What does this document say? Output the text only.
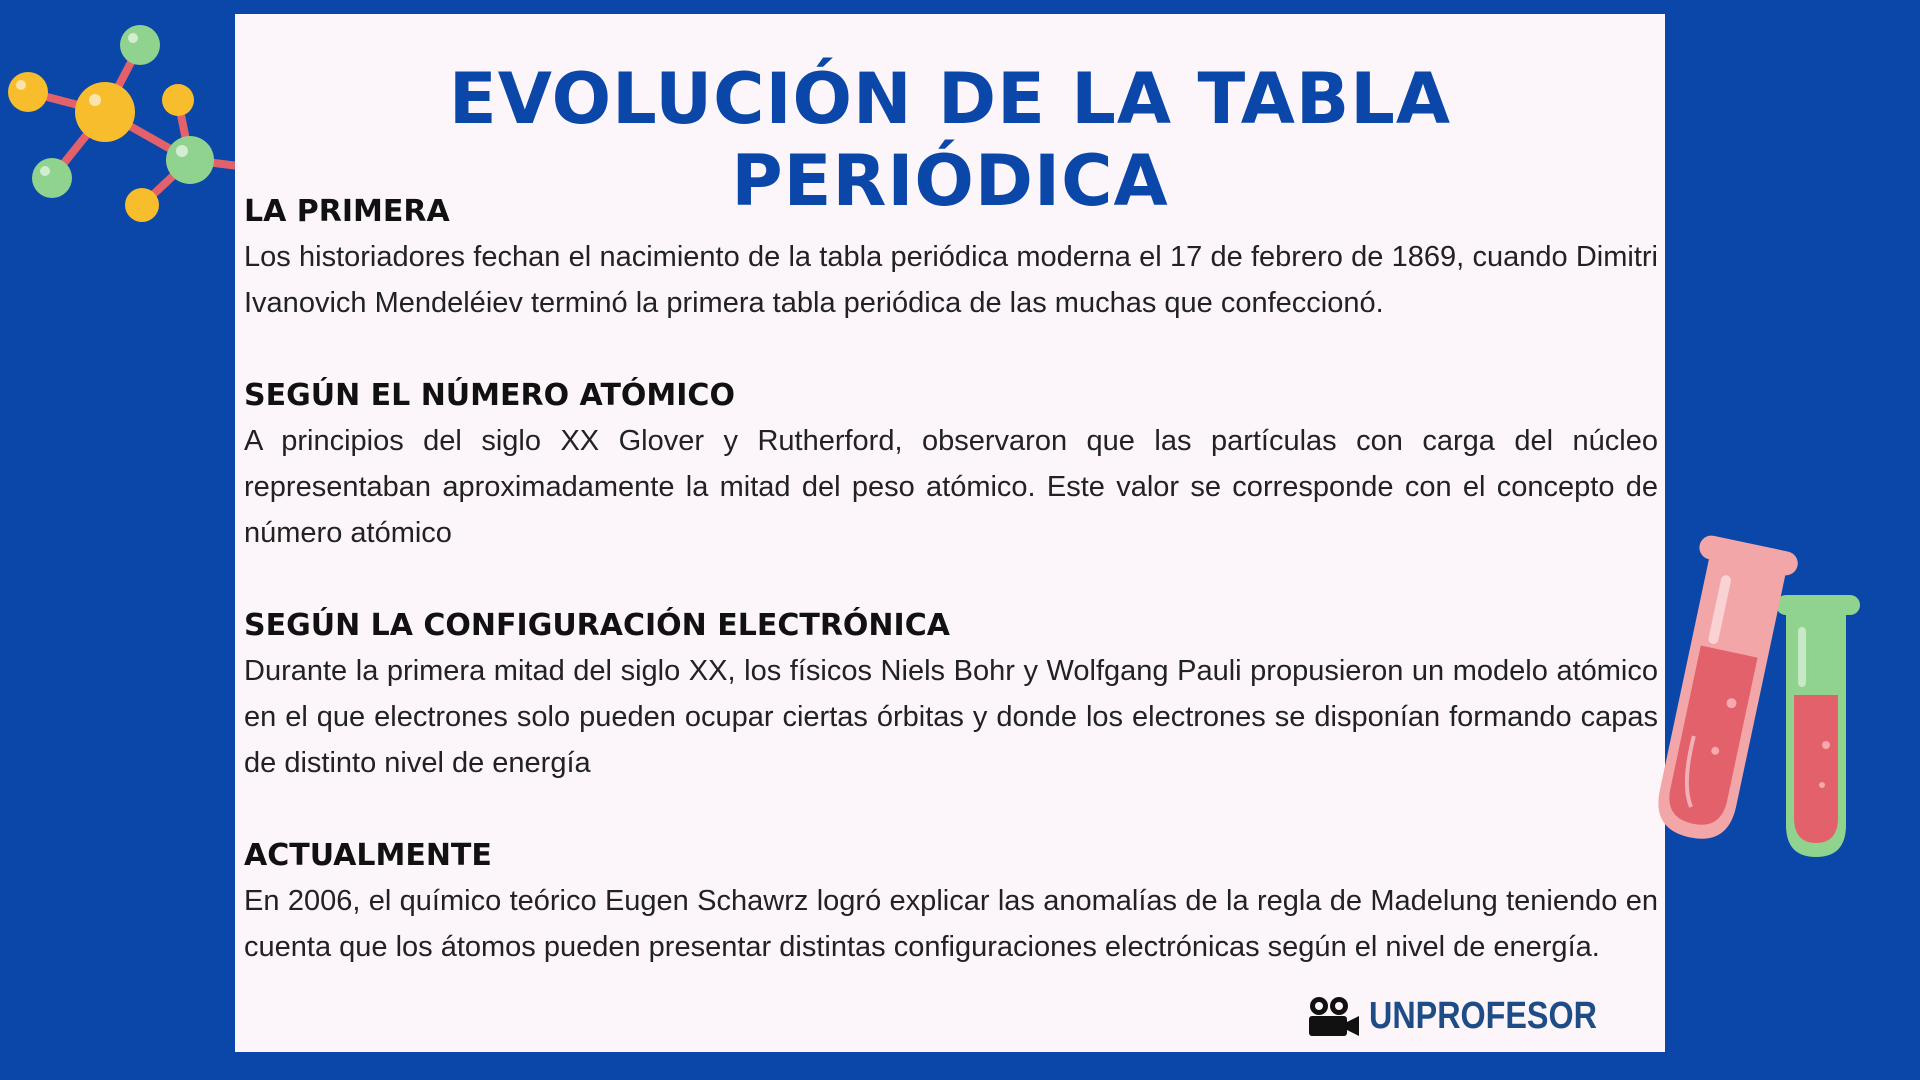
EVOLUCIÓN DE LA TABLA PERIÓDICA
LA PRIMERA

Los historiadores fechan el nacimiento de la tabla periódica moderna el 17 de febrero de 1869, cuando Dimitri Ivanovich Mendeléiev terminó la primera tabla periódica de las muchas que confeccionó.

SEGÚN EL NÚMERO ATÓMICO

A principios del siglo XX Glover y Rutherford, observaron que las partículas con carga del núcleo representaban aproximadamente la mitad del peso atómico. Este valor se corresponde con el concepto de número atómico

SEGÚN LA CONFIGURACIÓN ELECTRÓNICA

Durante la primera mitad del siglo XX, los físicos Niels Bohr y Wolfgang Pauli propusieron un modelo atómico en el que electrones solo pueden ocupar ciertas órbitas y donde los electrones se disponían formando capas de distinto nivel de energía

ACTUALMENTE

En 2006, el químico teórico Eugen Schawrz logró explicar las anomalías de la regla de Madelung teniendo en cuenta que los átomos pueden presentar distintas configuraciones electrónicas según el nivel de energía.

UNPROFESOR
